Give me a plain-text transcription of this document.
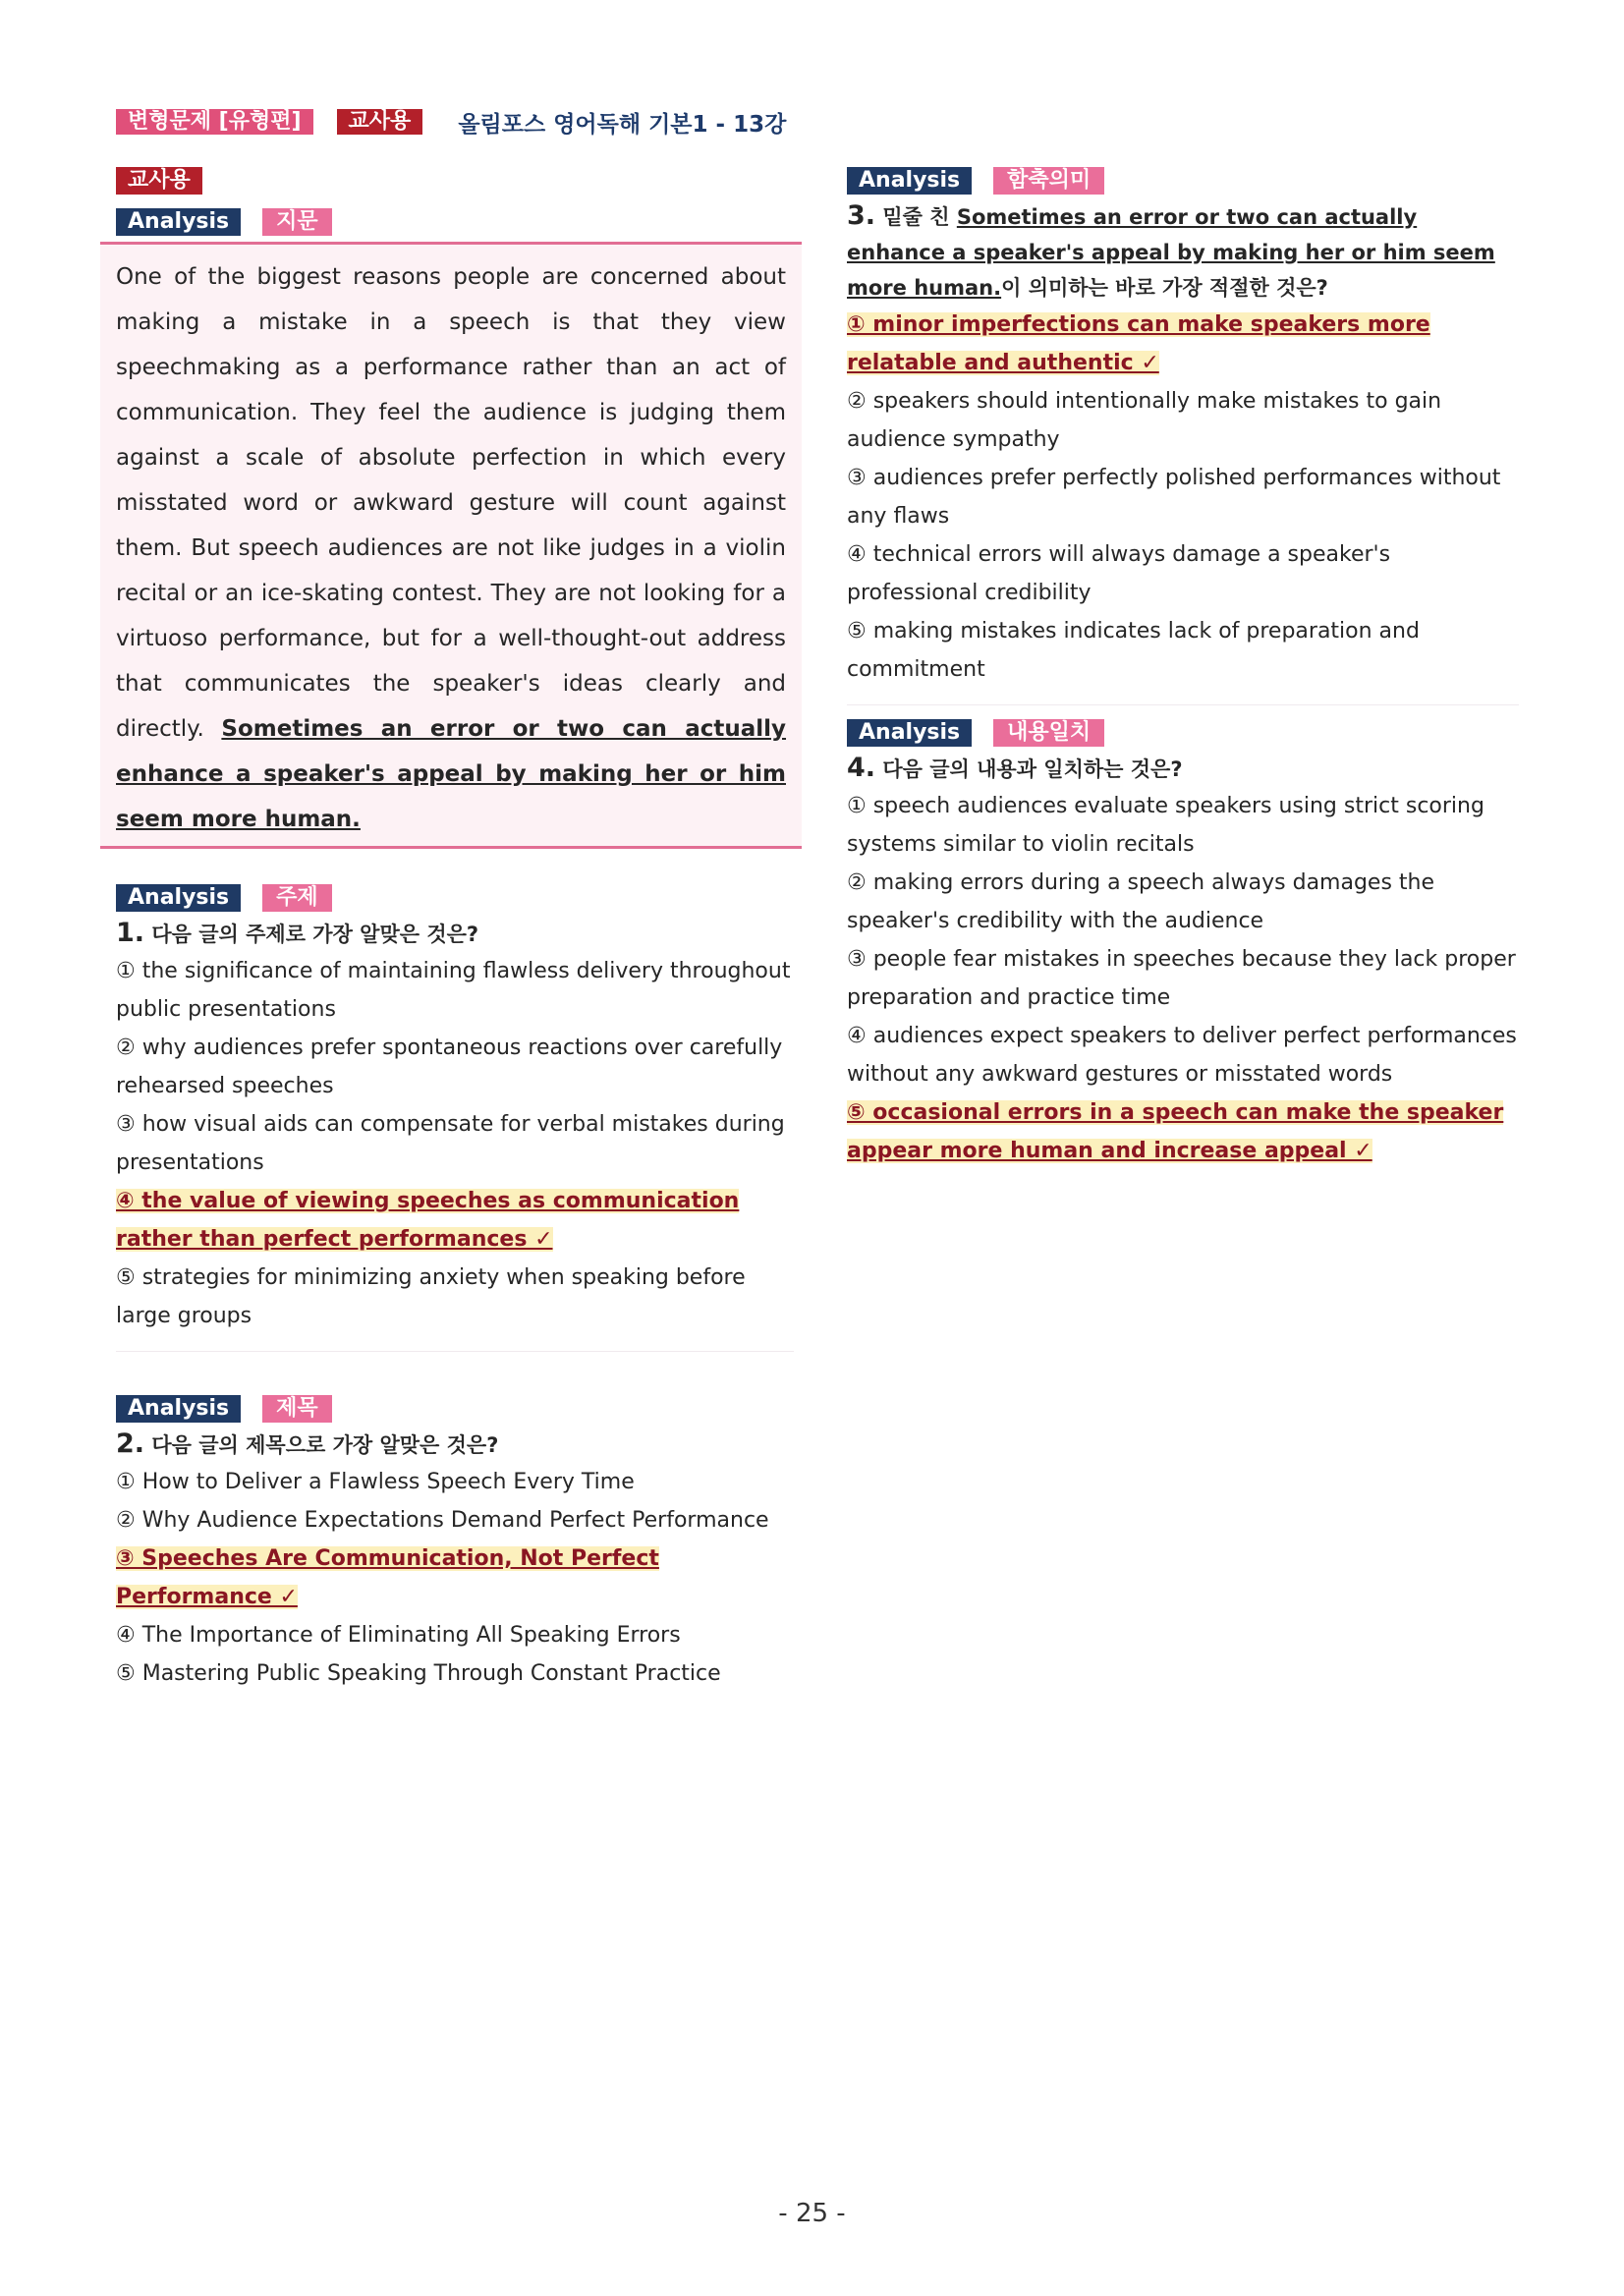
변형문제 [유형편]	교사용	올림포스 영어독해 기본1 - 13강
교사용
Analysis	지문

One of the biggest reasons people are concerned about making a mistake in a speech is that they view speechmaking as a performance rather than an act of communication. They feel the audience is judging them against a scale of absolute perfection in which every misstated word or awkward gesture will count against them. But speech audiences are not like judges in a violin recital or an ice-skating contest. They are not looking for a virtuoso performance, but for a well-thought-out address that communicates the speaker's ideas clearly and directly. Sometimes an error or two can actually enhance a speaker's appeal by making her or him seem more human.

Analysis	주제
1. 다음 글의 주제로 가장 알맞은 것은?

① the significance of maintaining flawless delivery throughout public presentations

② why audiences prefer spontaneous reactions over carefully rehearsed speeches

③ how visual aids can compensate for verbal mistakes during presentations

④ the value of viewing speeches as communication rather than perfect performances ✓

⑤ strategies for minimizing anxiety when speaking before large groups

Analysis	제목
2. 다음 글의 제목으로 가장 알맞은 것은?

① How to Deliver a Flawless Speech Every Time

② Why Audience Expectations Demand Perfect Performance

③ Speeches Are Communication, Not Perfect Performance ✓

④ The Importance of Eliminating All Speaking Errors

⑤ Mastering Public Speaking Through Constant Practice

Analysis	함축의미
3. 밑줄 친 Sometimes an error or two can actually enhance a speaker's appeal by making her or him seem more human.이 의미하는 바로 가장 적절한 것은?

① minor imperfections can make speakers more relatable and authentic ✓

② speakers should intentionally make mistakes to gain audience sympathy

③ audiences prefer perfectly polished performances without any flaws

④ technical errors will always damage a speaker's professional credibility

⑤ making mistakes indicates lack of preparation and commitment

Analysis	내용일치
4. 다음 글의 내용과 일치하는 것은?

① speech audiences evaluate speakers using strict scoring systems similar to violin recitals

② making errors during a speech always damages the speaker's credibility with the audience

③ people fear mistakes in speeches because they lack proper preparation and practice time

④ audiences expect speakers to deliver perfect performances without any awkward gestures or misstated words

⑤ occasional errors in a speech can make the speaker appear more human and increase appeal ✓

- 25 -
